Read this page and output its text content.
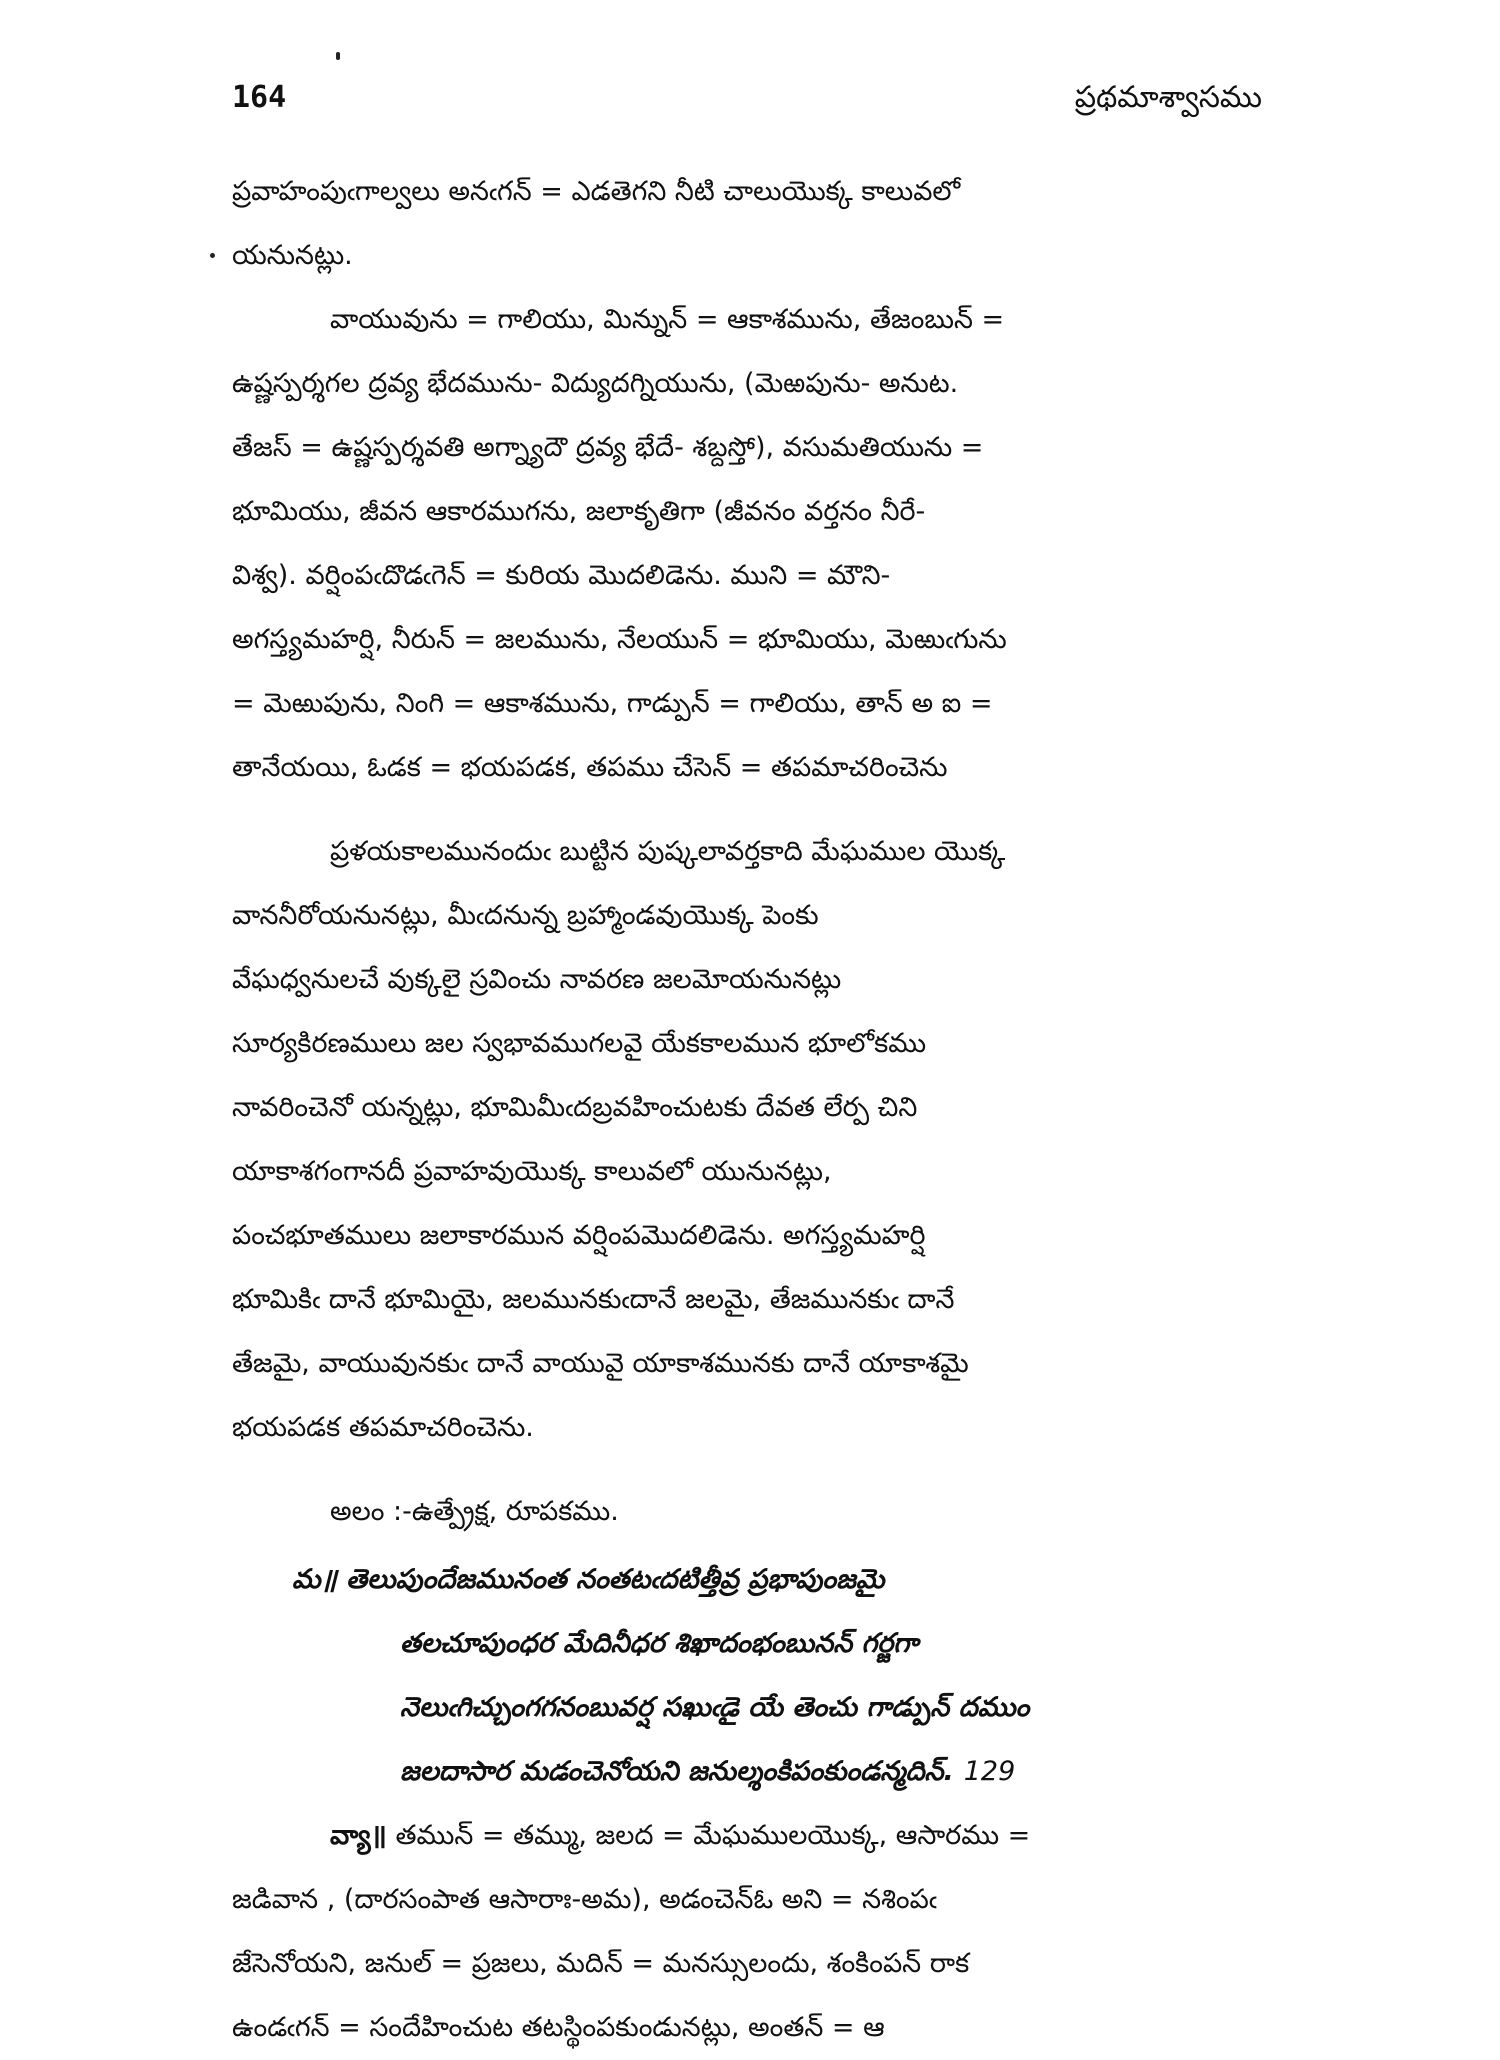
164	ప్రథమాశ్వాసము
ప్రవాహంపుఁగాల్వలు అనఁగన్ = ఎడతెగని నీటి చాలుయొక్క కాలువలో
యనునట్లు.
వాయువును = గాలియు, మిన్నున్ = ఆకాశమును, తేజంబున్ =
ఉష్ణస్పర్శగల ద్రవ్య భేదమును- విద్యుదగ్నియును, (మెఱపును- అనుట.
తేజస్ = ఉష్ణస్పర్శవతి అగ్న్యాదౌ ద్రవ్య భేదే- శబ్దస్తో), వసుమతియును =
భూమియు, జీవన ఆకారముగను, జలాకృతిగా (జీవనం వర్తనం నీరే-
విశ్వ). వర్షింపఁదొడఁగెన్ = కురియ మొదలిడెను. ముని = మౌని-
అగస్త్యమహర్షి, నీరున్ = జలమును, నేలయున్ = భూమియు, మెఱుఁగును
= మెఱుపును, నింగి = ఆకాశమును, గాడ్పున్ = గాలియు, తాన్ అ ఐ =
తానేయయి, ఓడక = భయపడక, తపము చేసెన్ = తపమాచరించెను
ప్రళయకాలమునందుఁ బుట్టిన పుష్కలావర్తకాది మేఘముల యొక్క
వాననీరోయనునట్లు, మీఁదనున్న బ్రహ్మాండవుయొక్క పెంకు
వేఘధ్వనులచే వుక్కలై స్రవించు నావరణ జలవెూయనునట్లు
సూర్యకిరణములు జల స్వభావముగలవై యేకకాలమున భూలోకము
నావరించెనో యన్నట్లు, భూమిమీఁదబ్రవహించుటకు దేవత లేర్ప చిని
యాకాశగంగానదీ ప్రవాహవుయొక్క కాలువలో యునునట్లు,
పంచభూతములు జలాకారమున వర్షింపమొదలిడెను. అగస్త్యమహర్షి
భూమికిఁ దానే భూమియై, జలమునకుఁదానే జలమై, తేజమునకుఁ దానే
తేజమై, వాయువునకుఁ దానే వాయువై యాకాశమునకు దానే యాకాశమై
భయపడక తపమాచరించెను.
అలం :-ఉత్ప్రేక్ష, రూపకము.
మ॥ తెలుపుందేజమునంత నంతటఁదటిత్తీవ్ర ప్రభాపుంజమై
తలచూపుంధర మేదినీధర శిఖాదంభంబునన్ గర్జగా
నెలుఁగిచ్చుంగగనంబువర్ష సఖుఁడై యే తెంచు గాడ్పున్ దముం
జలదాసార మడంచెనోయని జనుల్శంకిపంకుండన్మదిన్. 129
వ్యా॥ తమున్ = తమ్ము, జలద = మేఘములయొక్క, ఆసారము =
జడివాన , (దారసంపాత ఆసారాః-అమ), అడంచెన్ఓ అని = నశింపఁ
జేసెనోయని, జనుల్ = ప్రజలు, మదిన్ = మనస్సులందు, శంకింపన్ రాక
ఉండఁగన్ = సందేహించుట తటస్థింపకుండునట్లు, అంతన్ = ఆ
